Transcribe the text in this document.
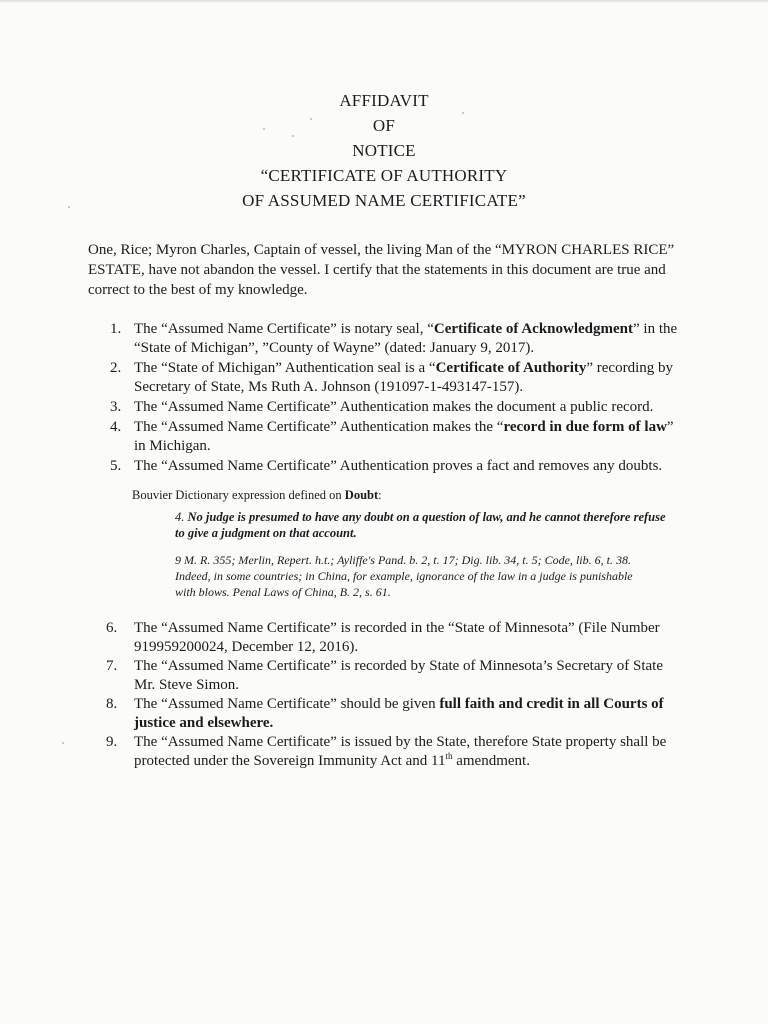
AFFIDAVIT
OF
NOTICE
“CERTIFICATE OF AUTHORITY
OF ASSUMED NAME CERTIFICATE”
One, Rice; Myron Charles, Captain of vessel, the living Man of the “MYRON CHARLES RICE” ESTATE, have not abandon the vessel. I certify that the statements in this document are true and correct to the best of my knowledge.
1. The “Assumed Name Certificate” is notary seal, “Certificate of Acknowledgment” in the “State of Michigan”, ”County of Wayne” (dated: January 9, 2017).
2. The “State of Michigan” Authentication seal is a “Certificate of Authority” recording by Secretary of State, Ms Ruth A. Johnson (191097-1-493147-157).
3. The “Assumed Name Certificate” Authentication makes the document a public record.
4. The “Assumed Name Certificate” Authentication makes the “record in due form of law” in Michigan.
5. The “Assumed Name Certificate” Authentication proves a fact and removes any doubts.
Bouvier Dictionary expression defined on Doubt:
4. No judge is presumed to have any doubt on a question of law, and he cannot therefore refuse to give a judgment on that account.
9 M. R. 355; Merlin, Repert. h.t.; Ayliffe's Pand. b. 2, t. 17; Dig. lib. 34, t. 5; Code, lib. 6, t. 38. Indeed, in some countries; in China, for example, ignorance of the law in a judge is punishable with blows. Penal Laws of China, B. 2, s. 61.
6. The “Assumed Name Certificate” is recorded in the “State of Minnesota” (File Number 919959200024, December 12, 2016).
7. The “Assumed Name Certificate” is recorded by State of Minnesota’s Secretary of State Mr. Steve Simon.
8. The “Assumed Name Certificate” should be given full faith and credit in all Courts of justice and elsewhere.
9. The “Assumed Name Certificate” is issued by the State, therefore State property shall be protected under the Sovereign Immunity Act and 11th amendment.
